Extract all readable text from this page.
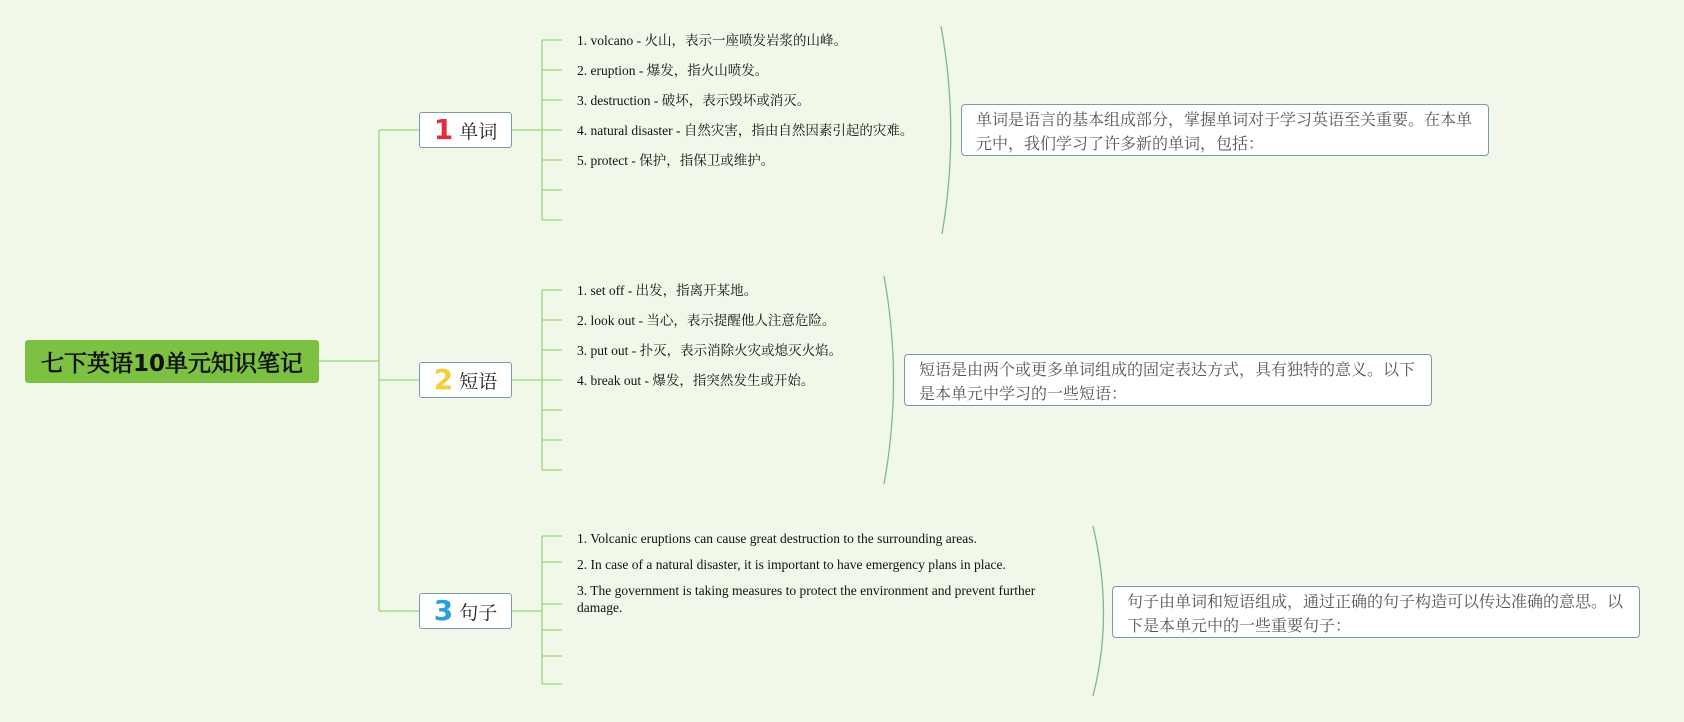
七下英语10单元知识笔记
1 单词
1. volcano - 火山，表示一座喷发岩浆的山峰。
2. eruption - 爆发，指火山喷发。
3. destruction - 破坏，表示毁坏或消灭。
4. natural disaster - 自然灾害，指由自然因素引起的灾难。
5. protect - 保护，指保卫或维护。
单词是语言的基本组成部分，掌握单词对于学习英语至关重要。在本单元中，我们学习了许多新的单词，包括：
2 短语
1. set off - 出发，指离开某地。
2. look out - 当心，表示提醒他人注意危险。
3. put out - 扑灭，表示消除火灾或熄灭火焰。
4. break out - 爆发，指突然发生或开始。
短语是由两个或更多单词组成的固定表达方式，具有独特的意义。以下是本单元中学习的一些短语：
3 句子
1. Volcanic eruptions can cause great destruction to the surrounding areas.
2. In case of a natural disaster, it is important to have emergency plans in place.
3. The government is taking measures to protect the environment and prevent further damage.	句子由单词和短语组成，通过正确的句子构造可以传达准确的意思。以下是本单元中的一些重要句子：
